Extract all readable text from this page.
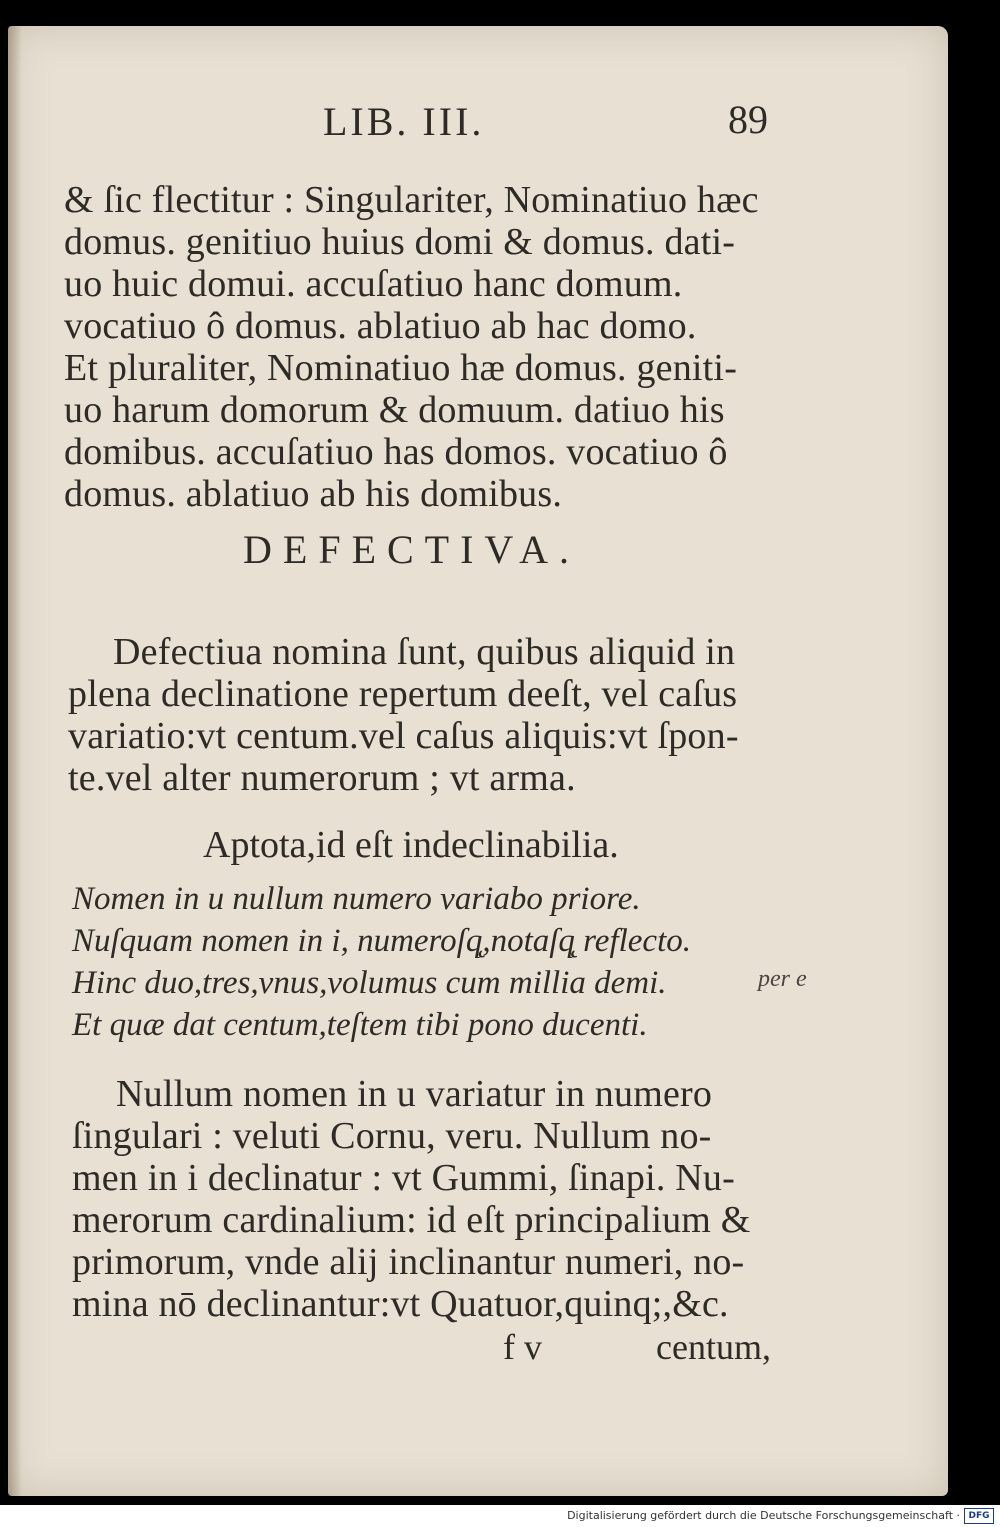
LIB. III.	89
& ſic flectitur : Singulariter, Nominatiuo hæc
domus. genitiuo huius domi & domus. dati-
uo huic domui. accuſatiuo hanc domum.
vocatiuo ô domus. ablatiuo ab hac domo.
Et pluraliter, Nominatiuo hæ domus. geniti-
uo harum domorum & domuum. datiuo his
domibus. accuſatiuo has domos. vocatiuo ô
domus. ablatiuo ab his domibus.
DEFECTIVA.
Defectiua nomina ſunt, quibus aliquid in
plena declinatione repertum deeſt, vel caſus
variatio:vt centum.vel caſus aliquis:vt ſpon-
te.vel alter numerorum ; vt arma.
Aptota,id eſt indeclinabilia.
Nomen in u nullum numero variabo priore.
Nuſquam nomen in i, numeroſq̨,notaſq̨ reflecto.
Hinc duo,tres,vnus,volumus cum millia demi.
Et quæ dat centum,teſtem tibi pono ducenti.
per e
Nullum nomen in u variatur in numero
ſingulari : veluti Cornu, veru. Nullum no-
men in i declinatur : vt Gummi, ſinapi. Nu-
merorum cardinalium: id eſt principalium &
primorum, vnde alij inclinantur numeri, no-
mina nō declinantur:vt Quatuor,quinq;,&c.
f v	centum,
Digitalisierung gefördert durch die Deutsche Forschungsgemeinschaft · DFG
